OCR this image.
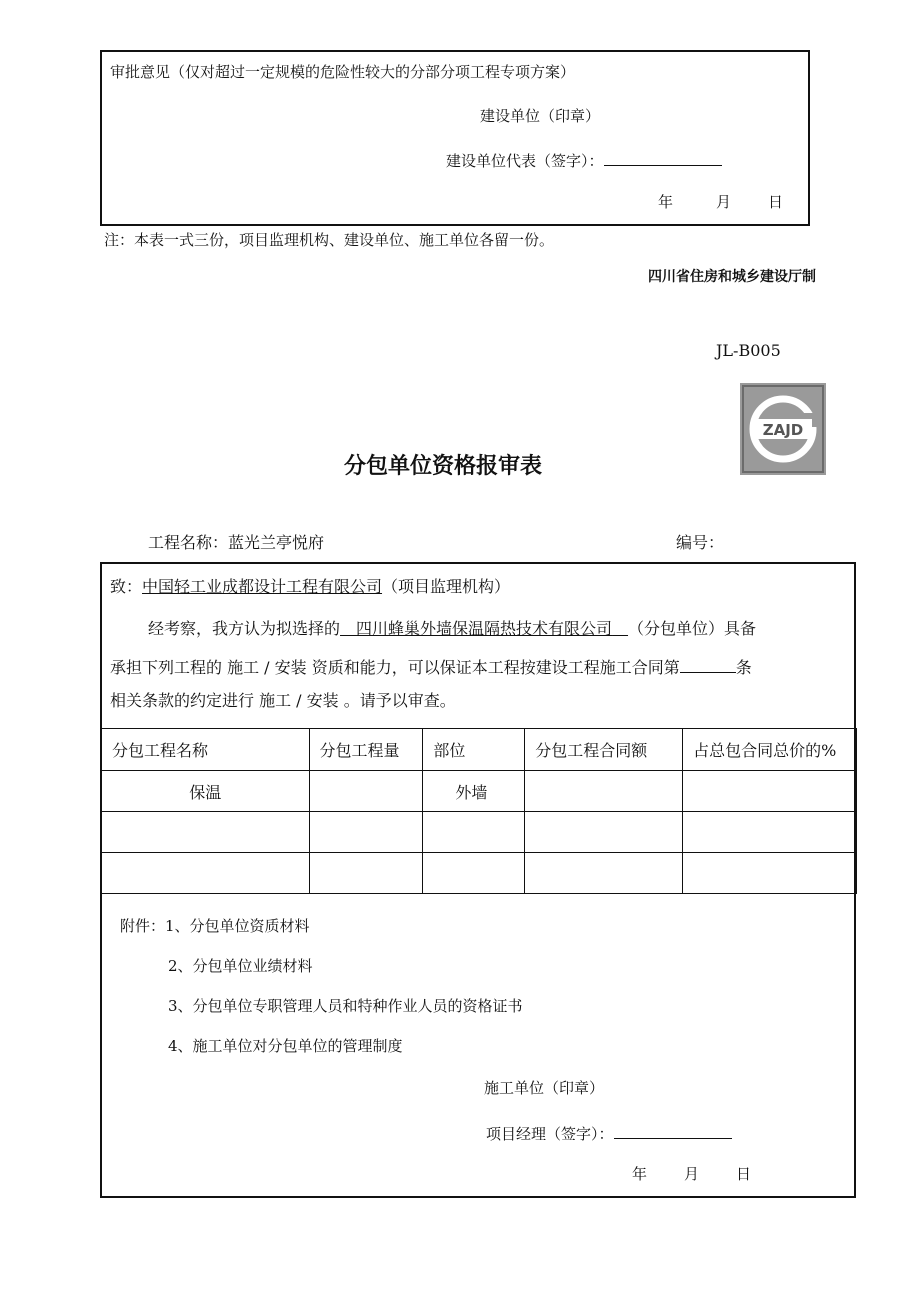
审批意见（仅对超过一定规模的危险性较大的分部分项工程专项方案）
建设单位（印章）
建设单位代表（签字）：
年	月 日
注：本表一式三份，项目监理机构、建设单位、施工单位各留一份。
四川省住房和城乡建设厅制
JL-B005
ZAJD
分包单位资格报审表
工程名称：蓝光兰亭悦府	编号：
致：中国轻工业成都设计工程有限公司（项目监理机构）
经考察，我方认为拟选择的  四川蜂巢外墙保温隔热技术有限公司  （分包单位）具备
承担下列工程的 施工 / 安装 资质和能力，可以保证本工程按建设工程施工合同第	条
相关条款的约定进行 施工 / 安装 。请予以审查。
分包工程名称	分包工程量	部位	分包工程合同额	占总包合同总价的%
保温		外墙		

附件：1、分包单位资质材料
2、分包单位业绩材料
3、分包单位专职管理人员和特种作业人员的资格证书
4、施工单位对分包单位的管理制度
施工单位（印章）
项目经理（签字）：
年 月 日
